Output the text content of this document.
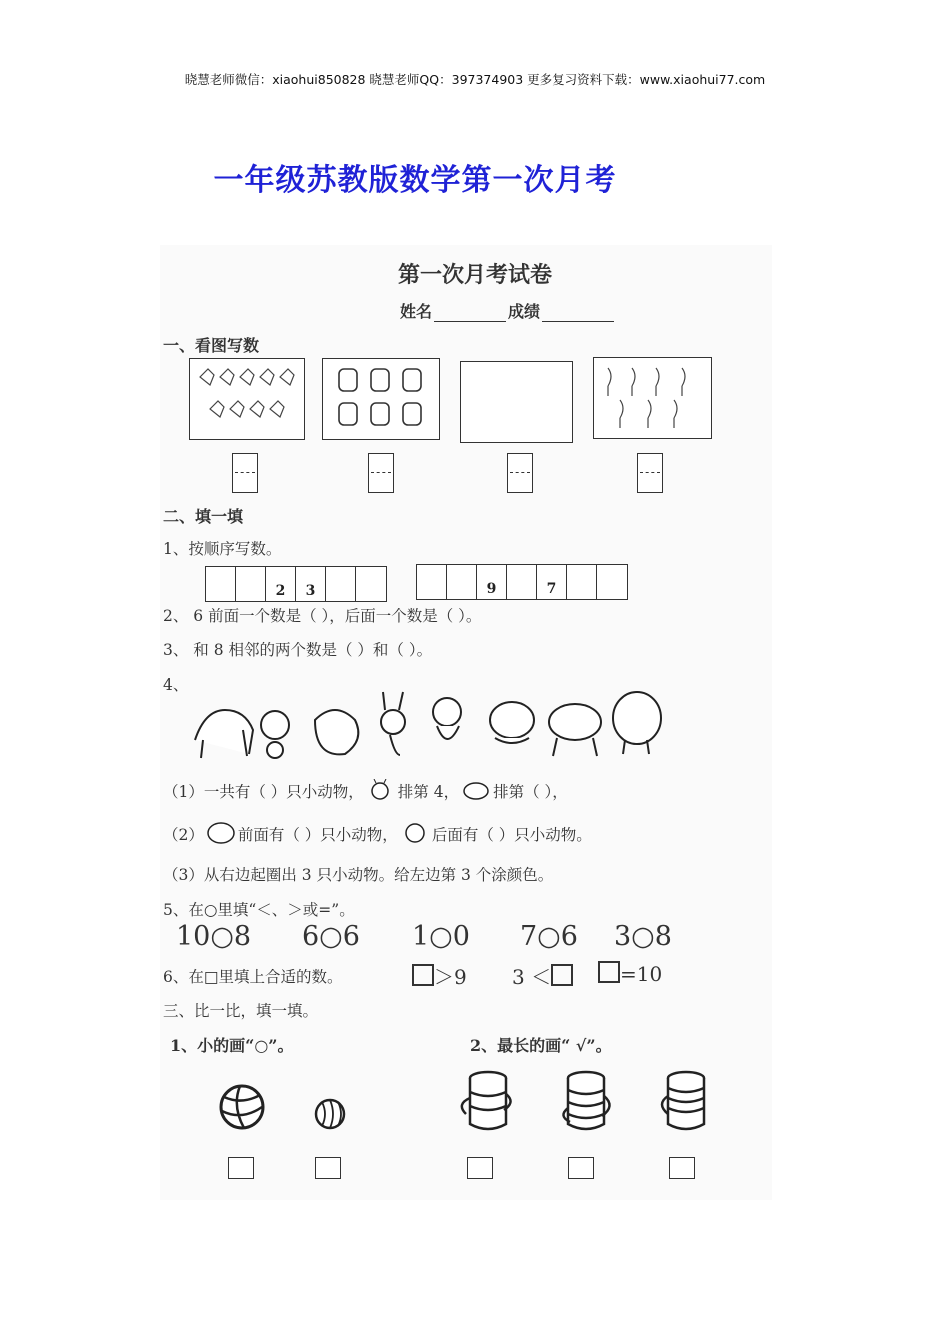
晓慧老师微信：xiaohui850828 晓慧老师QQ：397374903 更多复习资料下载：www.xiaohui77.com
一年级苏教版数学第一次月考
第一次月考试卷
姓名	成绩
一、看图写数
二、填一填
1、按顺序写数。
2	3	9	7
2、 6 前面一个数是（ ），后面一个数是（ ）。
3、 和 8 相邻的两个数是（ ）和（ ）。
4、
（1）一共有（ ）只小动物， 排第 4， 排第（ ），
（2） 前面有（ ）只小动物， 后面有（ ）只小动物。
（3）从右边起圈出 3 只小动物。给左边第 3 个涂颜色。
5、在○里填“＜、＞或=”。
10○8 6○6 1○0 7○6 3○8
6、在□里填上合适的数。	＞9 3 ＜	=10
三、比一比，填一填。
1、小的画“○”。	2、最长的画“ √”。
